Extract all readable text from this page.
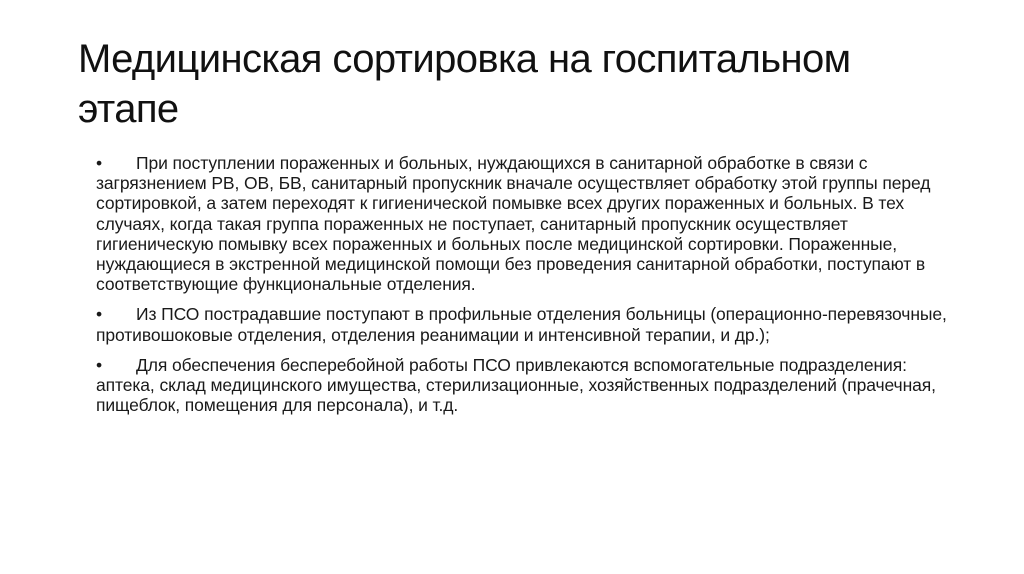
Медицинская сортировка на госпитальном этапе

• При поступлении пораженных и больных, нуждающихся в санитарной обработке в связи с загрязнением РВ, ОВ, БВ, санитарный пропускник вначале осуществляет обработку этой группы перед сортировкой, а затем переходят к гигиенической помывке всех других пораженных и больных. В тех случаях, когда такая группа пораженных не поступает, санитарный пропускник осуществляет гигиеническую помывку всех пораженных и больных после медицинской сортировки. Пораженные, нуждающиеся в экстренной медицинской помощи без проведения санитарной обработки, поступают в соответствующие функциональные отделения.

• Из ПСО пострадавшие поступают в профильные отделения больницы (операционно-перевязочные, противошоковые отделения, отделения реанимации и интенсивной терапии, и др.);

• Для обеспечения бесперебойной работы ПСО привлекаются вспомогательные подразделения: аптека, склад медицинского имущества, стерилизационные, хозяйственных подразделений (прачечная, пищеблок, помещения для персонала), и т.д.
